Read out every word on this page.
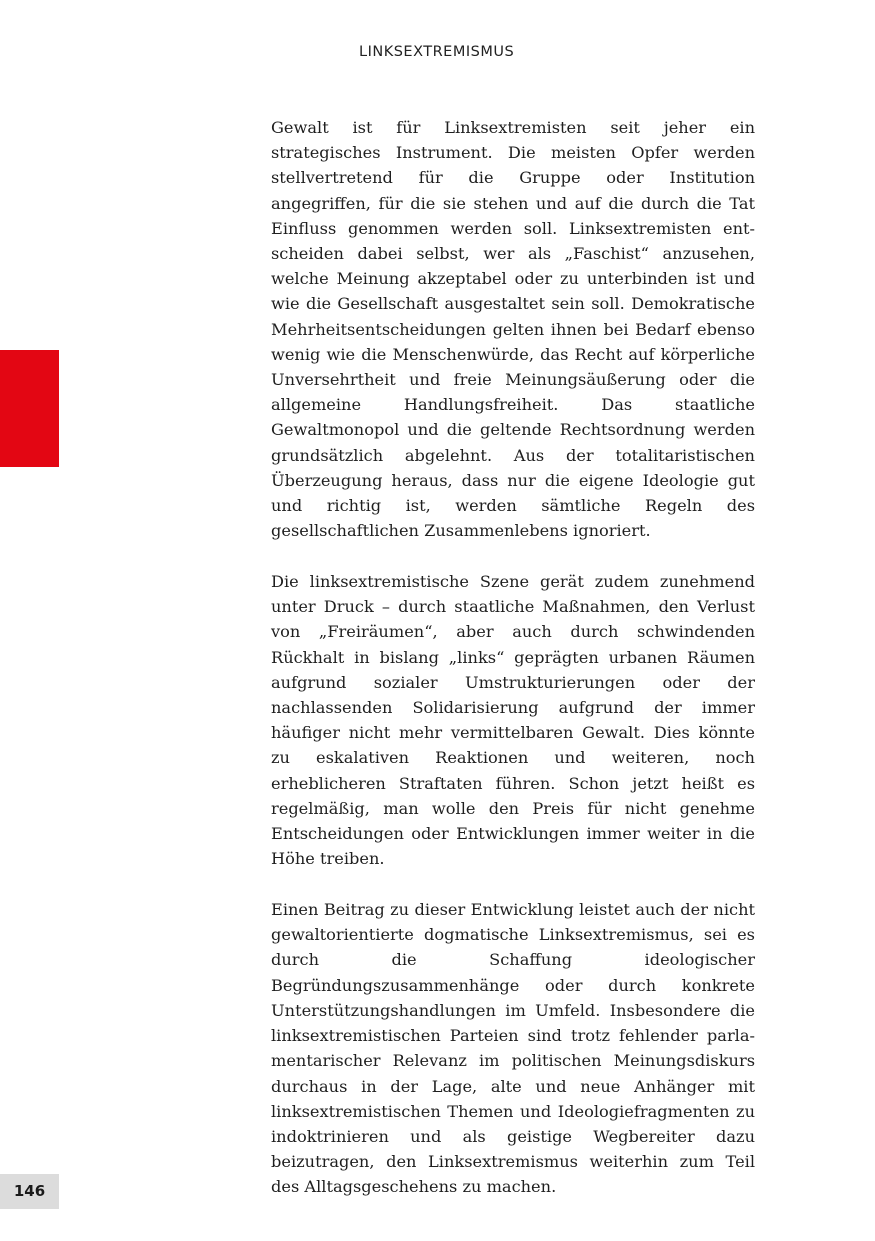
LINKSEXTREMISMUS

Gewalt ist für Linksextremisten seit jeher ein strategisches Instrument. Die meisten Opfer werden stellvertretend für die Gruppe oder Institution angegriffen, für die sie stehen und auf die durch die Tat Einfluss genommen werden soll. Linksextremisten entscheiden dabei selbst, wer als „Faschist“ anzusehen, welche Meinung akzeptabel oder zu unterbinden ist und wie die Gesellschaft ausgestaltet sein soll. Demokratische Mehrheitsentscheidungen gelten ihnen bei Bedarf ebenso wenig wie die Menschenwürde, das Recht auf körperliche Unversehrtheit und freie Meinungsäußerung oder die allgemeine Handlungsfreiheit. Das staatliche Gewaltmonopol und die geltende Rechtsordnung werden grundsätzlich abgelehnt. Aus der totalitaristischen Überzeugung heraus, dass nur die eigene Ideologie gut und richtig ist, werden sämtliche Regeln des gesellschaftlichen Zusammenlebens ignoriert.

Die linksextremistische Szene gerät zudem zunehmend unter Druck – durch staatliche Maßnahmen, den Verlust von „Freiräumen“, aber auch durch schwindenden Rückhalt in bislang „links“ geprägten urbanen Räumen aufgrund sozialer Umstrukturierungen oder der nachlassenden Solidarisierung aufgrund der immer häufiger nicht mehr vermittelbaren Gewalt. Dies könnte zu eskalativen Reaktionen und weiteren, noch erheblicheren Straftaten führen. Schon jetzt heißt es regelmäßig, man wolle den Preis für nicht genehme Entscheidungen oder Entwicklungen immer weiter in die Höhe treiben.

Einen Beitrag zu dieser Entwicklung leistet auch der nicht gewaltorientierte dogmatische Linksextremismus, sei es durch die Schaffung ideologischer Begründungszusammenhänge oder durch konkrete Unterstützungshandlungen im Umfeld. Insbesondere die linksextremistischen Parteien sind trotz fehlender parlamentarischer Relevanz im politischen Meinungsdiskurs durchaus in der Lage, alte und neue Anhänger mit linksextremistischen Themen und Ideologiefragmenten zu indoktrinieren und als geistige Wegbereiter dazu beizutragen, den Linksextremismus weiterhin zum Teil des Alltagsgeschehens zu machen.

146
